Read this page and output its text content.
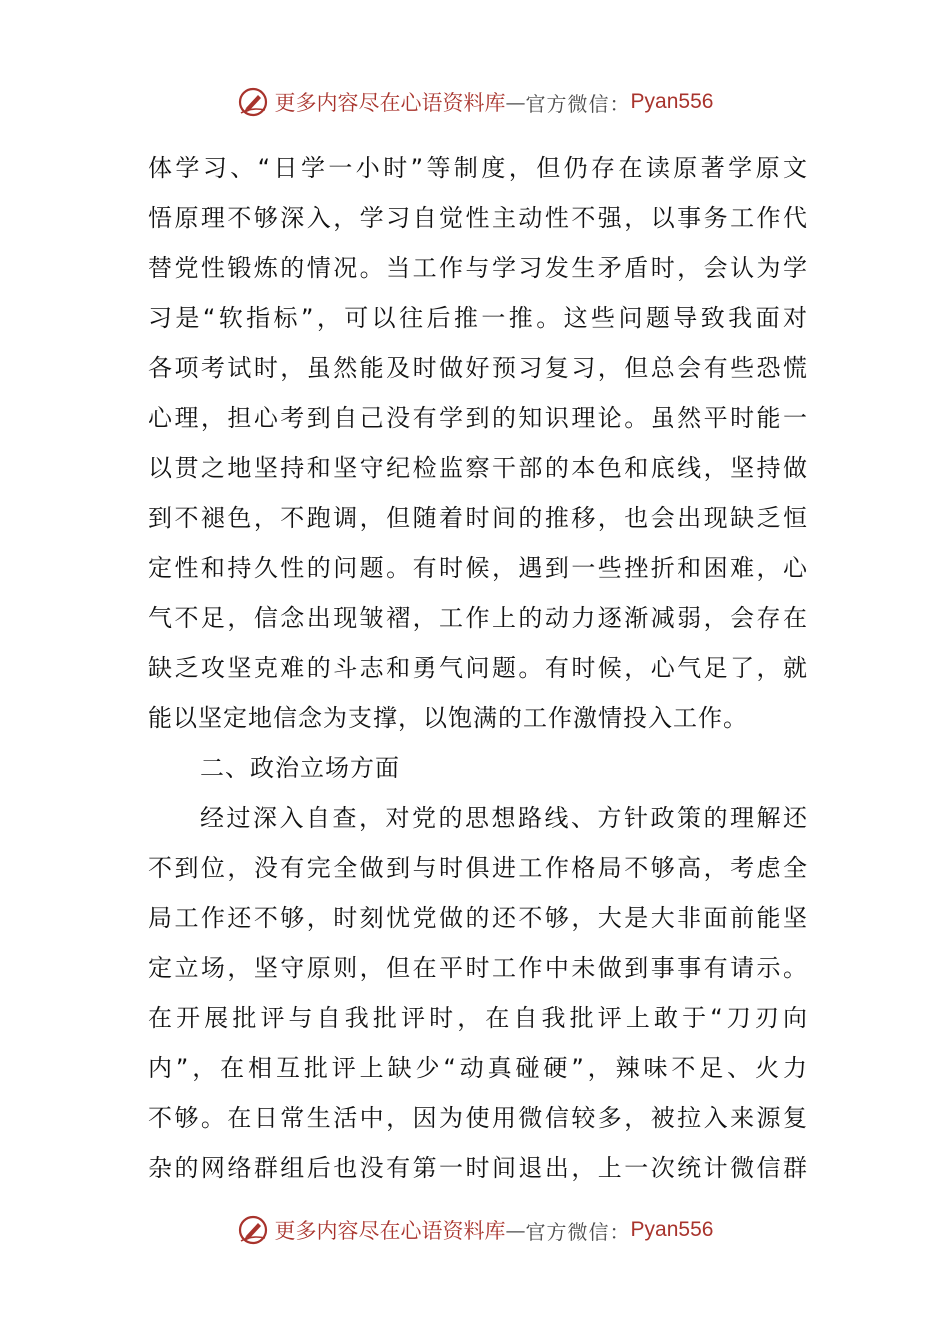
更多内容尽在心语资料库 — 官方微信： Pyan556
体学习、“日学一小时”等制度，但仍存在读原著学原文
悟原理不够深入，学习自觉性主动性不强，以事务工作代
替党性锻炼的情况。当工作与学习发生矛盾时，会认为学
习是“软指标”，可以往后推一推。这些问题导致我面对
各项考试时，虽然能及时做好预习复习，但总会有些恐慌
心理，担心考到自己没有学到的知识理论。虽然平时能一
以贯之地坚持和坚守纪检监察干部的本色和底线，坚持做
到不褪色，不跑调，但随着时间的推移，也会出现缺乏恒
定性和持久性的问题。有时候，遇到一些挫折和困难，心
气不足，信念出现皱褶，工作上的动力逐渐减弱，会存在
缺乏攻坚克难的斗志和勇气问题。有时候，心气足了，就
能以坚定地信念为支撑，以饱满的工作激情投入工作。
二、政治立场方面
经过深入自查，对党的思想路线、方针政策的理解还
不到位，没有完全做到与时俱进工作格局不够高，考虑全
局工作还不够，时刻忧党做的还不够，大是大非面前能坚
定立场，坚守原则，但在平时工作中未做到事事有请示。
在开展批评与自我批评时，在自我批评上敢于“刀刃向
内”，在相互批评上缺少“动真碰硬”，辣味不足、火力
不够。在日常生活中，因为使用微信较多，被拉入来源复
杂的网络群组后也没有第一时间退出，上一次统计微信群
更多内容尽在心语资料库 — 官方微信： Pyan556
